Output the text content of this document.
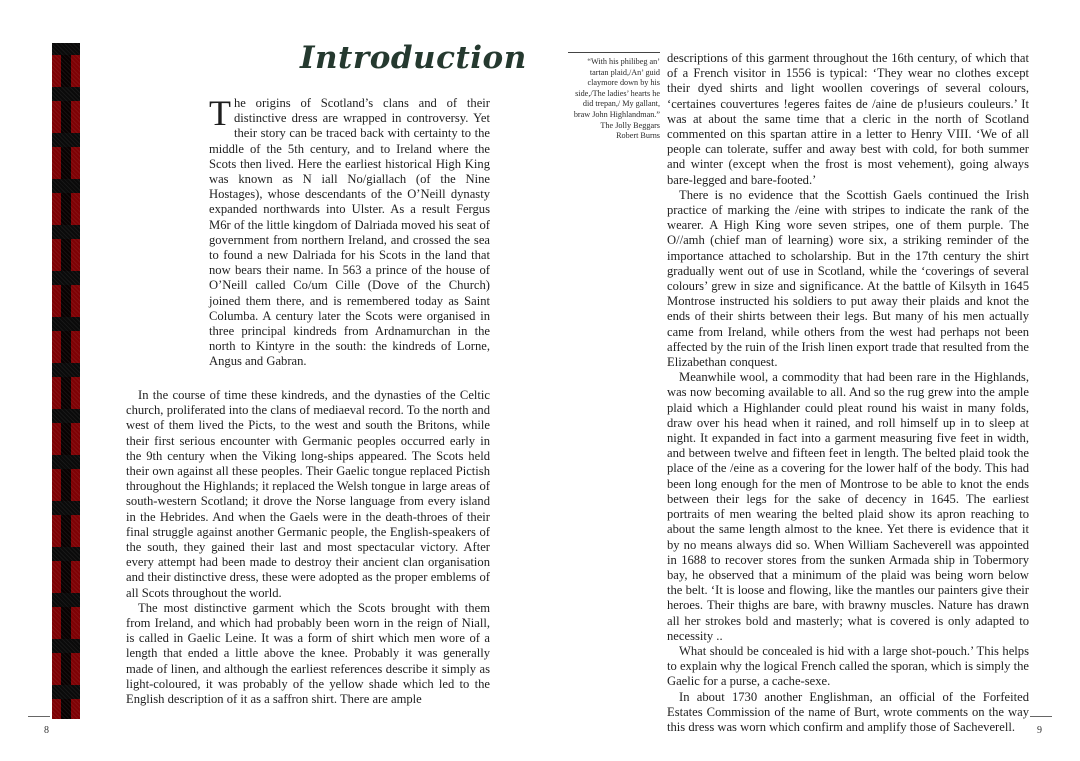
Introduction

The origins of Scotland’s clans and of their distinctive dress are wrapped in controversy. Yet their story can be traced back with certainty to the middle of the 5th century, and to Ireland where the Scots then lived. Here the earliest historical High King was known as N iall No/giallach (of the Nine Hostages), whose descendants of the O’Neill dynasty expanded northwards into Ulster. As a result Fergus M6r of the little kingdom of Dalriada moved his seat of government from northern Ireland, and crossed the sea to found a new Dalriada for his Scots in the land that now bears their name. In 563 a prince of the house of O’Neill called Co/um Cille (Dove of the Church) joined them there, and is remembered today as Saint Columba. A century later the Scots were organised in three principal kindreds from Ardnamurchan in the north to Kintyre in the south: the kindreds of Lorne, Angus and Gabran.

In the course of time these kindreds, and the dynasties of the Celtic church, proliferated into the clans of mediaeval record. To the north and west of them lived the Picts, to the west and south the Britons, while their first serious encounter with Germanic peoples occurred early in the 9th century when the Viking long-ships appeared. The Scots held their own against all these peoples. Their Gaelic tongue replaced Pictish throughout the Highlands; it replaced the Welsh tongue in large areas of south-western Scotland; it drove the Norse language from every island in the Hebrides. And when the Gaels were in the death-throes of their final struggle against another Germanic people, the English-speakers of the south, they gained their last and most spectacular victory. After every attempt had been made to destroy their ancient clan organisation and their distinctive dress, these were adopted as the proper emblems of all Scots throughout the world.

The most distinctive garment which the Scots brought with them from Ireland, and which had probably been worn in the reign of Niall, is called in Gaelic Leine. It was a form of shirt which men wore of a length that ended a little above the knee. Probably it was generally made of linen, and although the earliest references describe it simply as light-coloured, it was probably of the yellow shade which led to the English description of it as a saffron shirt. There are ample

“With his philibeg an’ tartan plaid,/An’ guid claymore down by his side,/The ladies’ hearts he did trepan,/ My gallant, braw John Highlandman.”

The Jolly Beggars

Robert Burns

descriptions of this garment throughout the 16th century, of which that of a French visitor in 1556 is typical: ‘They wear no clothes except their dyed shirts and light woollen coverings of several colours, ‘certaines couvertures !egeres faites de /aine de p!usieurs couleurs.’ It was at about the same time that a cleric in the north of Scotland commented on this spartan attire in a letter to Henry VIII. ‘We of all people can tolerate, suffer and away best with cold, for both summer and winter (except when the frost is most vehement), going always bare-legged and bare-footed.’

There is no evidence that the Scottish Gaels continued the Irish practice of marking the /eine with stripes to indicate the rank of the wearer. A High King wore seven stripes, one of them purple. The O//amh (chief man of learning) wore six, a striking reminder of the importance attached to scholarship. But in the 17th century the shirt gradually went out of use in Scotland, while the ‘coverings of several colours’ grew in size and significance. At the battle of Kilsyth in 1645 Montrose instructed his soldiers to put away their plaids and knot the ends of their shirts between their legs. But many of his men actually came from Ireland, while others from the west had perhaps not been affected by the ruin of the Irish linen export trade that resulted from the Elizabethan conquest.

Meanwhile wool, a commodity that had been rare in the Highlands, was now becoming available to all. And so the rug grew into the ample plaid which a Highlander could pleat round his waist in many folds, draw over his head when it rained, and roll himself up in to sleep at night. It expanded in fact into a garment measuring five feet in width, and between twelve and fifteen feet in length. The belted plaid took the place of the /eine as a covering for the lower half of the body. This had been long enough for the men of Montrose to be able to knot the ends between their legs for the sake of decency in 1645. The earliest portraits of men wearing the belted plaid show its apron reaching to about the same length almost to the knee. Yet there is evidence that it by no means always did so. When William Sacheverell was appointed in 1688 to recover stores from the sunken Armada ship in Tobermory bay, he observed that a minimum of the plaid was being worn below the belt. ‘It is loose and flowing, like the mantles our painters give their heroes. Their thighs are bare, with brawny muscles. Nature has drawn all her strokes bold and masterly; what is covered is only adapted to necessity ..

What should be concealed is hid with a large shot-pouch.’ This helps to explain why the logical French called the sporan, which is simply the Gaelic for a purse, a cache-sexe.

In about 1730 another Englishman, an official of the Forfeited Estates Commission of the name of Burt, wrote comments on the way this dress was worn which confirm and amplify those of Sacheverell.

8	9
